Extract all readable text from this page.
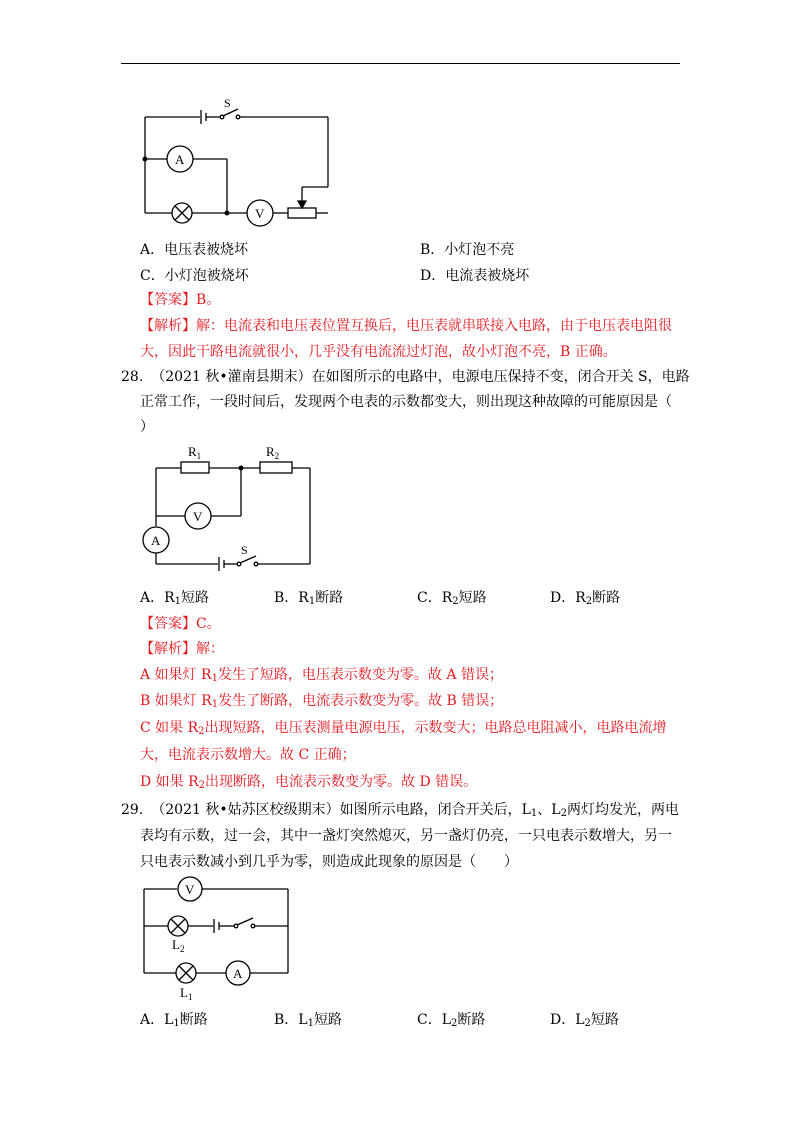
S
A
V
A．电压表被烧坏	B．小灯泡不亮
C．小灯泡被烧坏	D．电流表被烧坏
【答案】B。
【解析】解：电流表和电压表位置互换后，电压表就串联接入电路，由于电压表电阻很
大，因此干路电流就很小，几乎没有电流流过灯泡，故小灯泡不亮，B 正确。
28. （2021 秋•灌南县期末）在如图所示的电路中，电源电压保持不变，闭合开关 S，电路
正常工作，一段时间后，发现两个电表的示数都变大，则出现这种故障的可能原因是（
）
$R_1$	$R_2$
V
A
S
A．$R_1$短路	B．$R_1$断路	C．$R_2$短路	D．$R_2$断路
【答案】C。
【解析】解：
A 如果灯 $R_1$发生了短路，电压表示数变为零。故 A 错误；
B 如果灯 $R_1$发生了断路，电流表示数变为零。故 B 错误；
C 如果 $R_2$出现短路，电压表测量电源电压，示数变大；电路总电阻减小，电路电流增
大，电流表示数增大。故 C 正确；
D 如果 $R_2$出现断路，电流表示数变为零。故 D 错误。
29. （2021 秋•姑苏区校级期末）如图所示电路，闭合开关后，$L_1$、$L_2$两灯均发光，两电
表均有示数，过一会，其中一盏灯突然熄灭，另一盏灯仍亮，一只电表示数增大，另一
只电表示数减小到几乎为零，则造成此现象的原因是（　　）
V
A
$L_2$
$L_1$
A．$L_1$断路	B．$L_1$短路	C．$L_2$断路	D．$L_2$短路
